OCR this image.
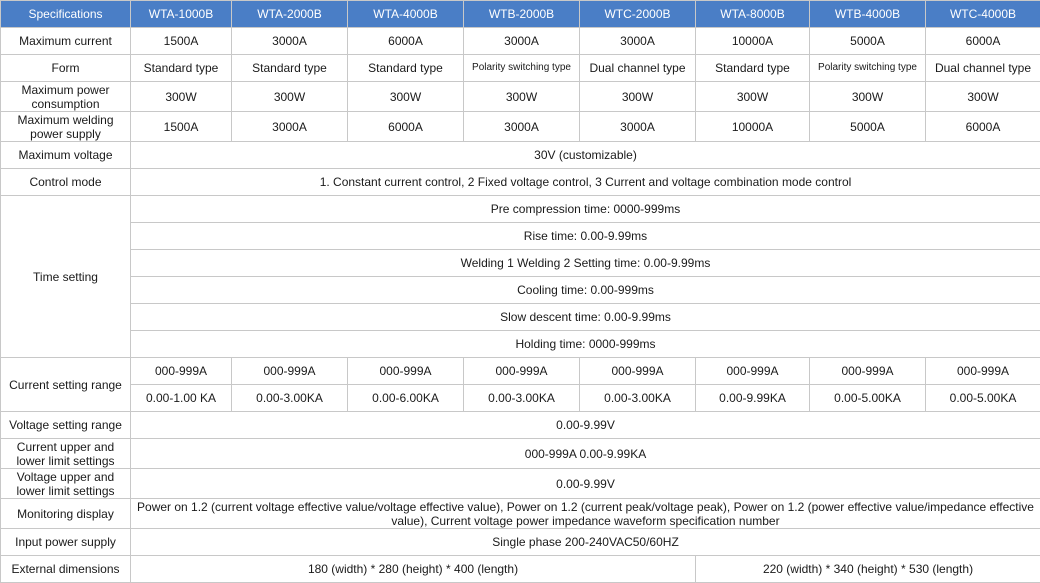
Specifications	WTA-1000B	WTA-2000B	WTA-4000B	WTB-2000B	WTC-2000B	WTA-8000B	WTB-4000B	WTC-4000B
Maximum current	1500A	3000A	6000A	3000A	3000A	10000A	5000A	6000A
Form	Standard type	Standard type	Standard type	Polarity switching type	Dual channel type	Standard type	Polarity switching type	Dual channel type
Maximum power consumption	300W	300W	300W	300W	300W	300W	300W	300W
Maximum welding power supply	1500A	3000A	6000A	3000A	3000A	10000A	5000A	6000A
Maximum voltage	30V (customizable)							
Control mode	1. Constant current control, 2 Fixed voltage control, 3 Current and voltage combination mode control							
Time setting	Pre compression time: 0000-999ms							
	Rise time: 0.00-9.99ms							
	Welding 1 Welding 2 Setting time: 0.00-9.99ms							
	Cooling time: 0.00-999ms							
	Slow descent time: 0.00-9.99ms							
	Holding time: 0000-999ms							
Current setting range	000-999A	000-999A	000-999A	000-999A	000-999A	000-999A	000-999A	000-999A
	0.00-1.00 KA	0.00-3.00KA	0.00-6.00KA	0.00-3.00KA	0.00-3.00KA	0.00-9.99KA	0.00-5.00KA	0.00-5.00KA
Voltage setting range	0.00-9.99V							
Current upper and lower limit settings	000-999A 0.00-9.99KA							
Voltage upper and lower limit settings	0.00-9.99V							
Monitoring display	Power on 1.2 (current voltage effective value/voltage effective value), Power on 1.2 (current peak/voltage peak), Power on 1.2 (power effective value/impedance effective value), Current voltage power impedance waveform specification number							
Input power supply	Single phase 200-240VAC50/60HZ							
External dimensions	180 (width) * 280 (height) * 400 (length)					220 (width) * 340 (height) * 530 (length)		
